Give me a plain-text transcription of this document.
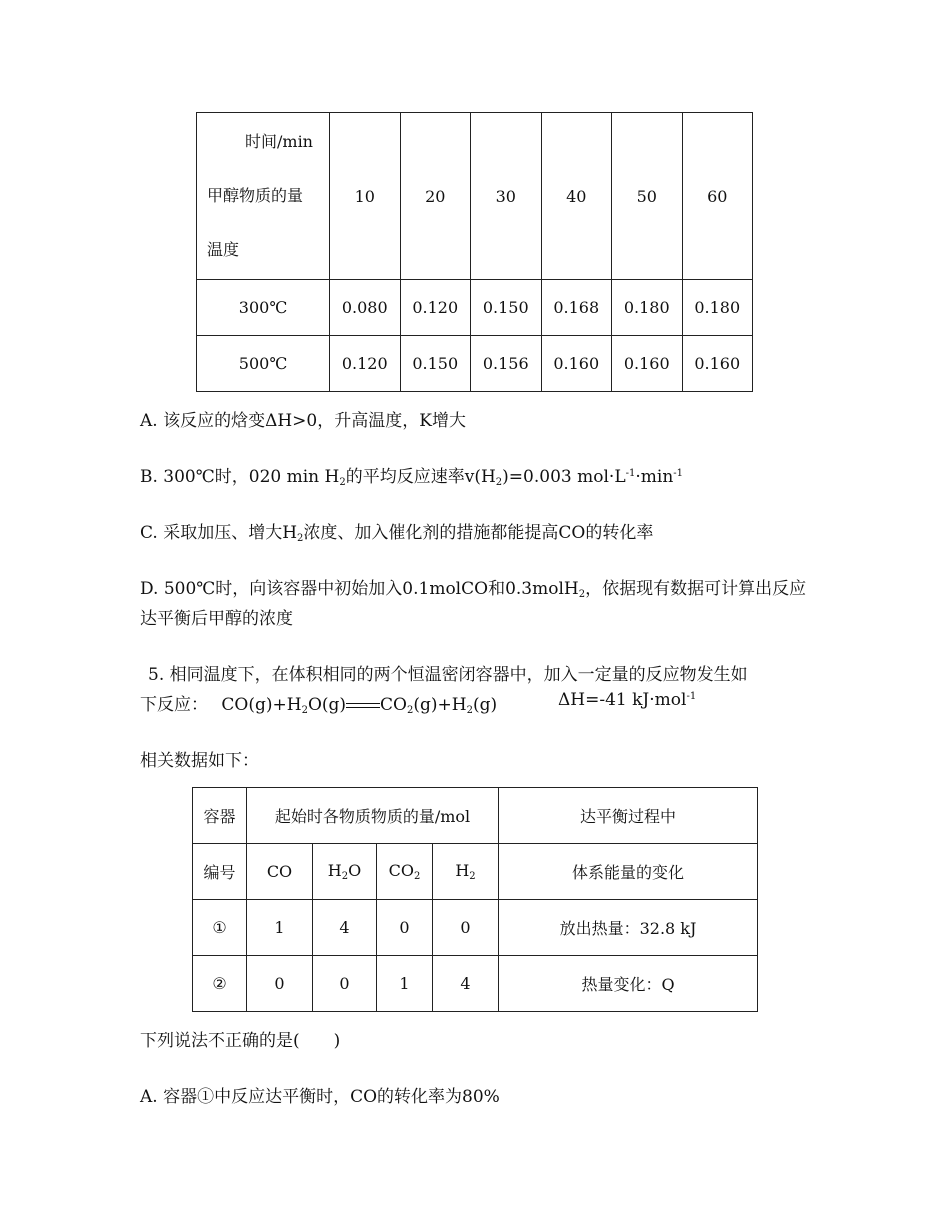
时间/min
甲醇物质的量
温度	10	20	30	40	50	60
300℃	0.080	0.120	0.150	0.168	0.180	0.180
500℃	0.120	0.150	0.156	0.160	0.160	0.160
A. 该反应的焓变ΔH>0，升高温度，K增大
B. 300℃时，020 $\min H_2$的平均反应速率$v(H_2)=0.003$ $mol\cdot L^{-1}\cdot\min^{-1}$
C. 采取加压、增大$H_2$浓度、加入催化剂的措施都能提高CO的转化率
D. 500℃时，向该容器中初始加入0.1molCO和0.3molH$_2$，依据现有数据可计算出反应
达平衡后甲醇的浓度
5. 相同温度下，在体积相同的两个恒温密闭容器中，加入一定量的反应物发生如
下反应： $CO(g)+H_2O(g)$ $CO_2(g)+H_2(g)$	ΔH=-41 kJ·mol$^{-1}$
相关数据如下：
容器	起始时各物质物质的量/mol				达平衡过程中
编号	CO	$H_2O$	$CO_2$	$H_2$	体系能量的变化
①	1	4	0	0	放出热量：32.8 kJ
②	0	0	1	4	热量变化：Q
下列说法不正确的是(　　)
A. 容器①中反应达平衡时，CO的转化率为80%
